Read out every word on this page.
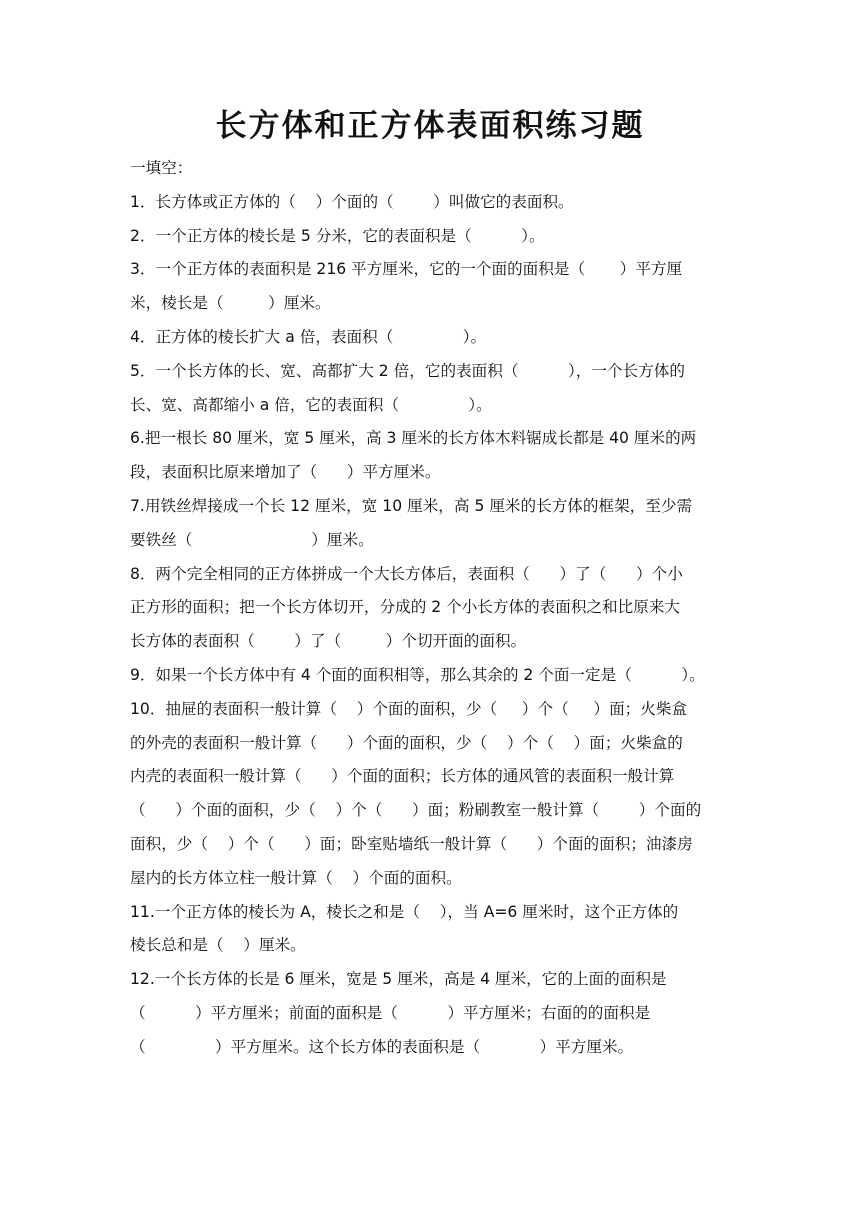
长方体和正方体表面积练习题
一填空：
1．长方体或正方体的（    ）个面的（        ）叫做它的表面积。
2．一个正方体的棱长是 5 分米，它的表面积是（          ）。
3．一个正方体的表面积是 216 平方厘米，它的一个面的面积是（       ）平方厘
米，棱长是（         ）厘米。
4．正方体的棱长扩大 a 倍，表面积（              ）。
5．一个长方体的长、宽、高都扩大 2 倍，它的表面积（          ），一个长方体的
长、宽、高都缩小 a 倍，它的表面积（              ）。
6.把一根长 80 厘米，宽 5 厘米，高 3 厘米的长方体木料锯成长都是 40 厘米的两
段，表面积比原来增加了（      ）平方厘米。
7.用铁丝焊接成一个长 12 厘米，宽 10 厘米，高 5 厘米的长方体的框架，至少需
要铁丝（                        ）厘米。
8．两个完全相同的正方体拼成一个大长方体后，表面积（      ）了（      ）个小
正方形的面积；把一个长方体切开，分成的 2 个小长方体的表面积之和比原来大
长方体的表面积（        ）了（         ）个切开面的面积。
9．如果一个长方体中有 4 个面的面积相等，那么其余的 2 个面一定是（          ）。
10．抽屉的表面积一般计算（    ）个面的面积，少（     ）个（     ）面；火柴盒
的外壳的表面积一般计算（      ）个面的面积，少（    ）个（    ）面；火柴盒的
内壳的表面积一般计算（      ）个面的面积；长方体的通风管的表面积一般计算
（      ）个面的面积，少（    ）个（      ）面；粉刷教室一般计算（        ）个面的
面积，少（    ）个（      ）面；卧室贴墙纸一般计算（      ）个面的面积；油漆房
屋内的长方体立柱一般计算（    ）个面的面积。
11.一个正方体的棱长为 A，棱长之和是（    ），当 A=6 厘米时，这个正方体的
棱长总和是（    ）厘米。
12.一个长方体的长是 6 厘米，宽是 5 厘米，高是 4 厘米，它的上面的面积是
（          ）平方厘米；前面的面积是（          ）平方厘米；右面的的面积是
（              ）平方厘米。这个长方体的表面积是（            ）平方厘米。
